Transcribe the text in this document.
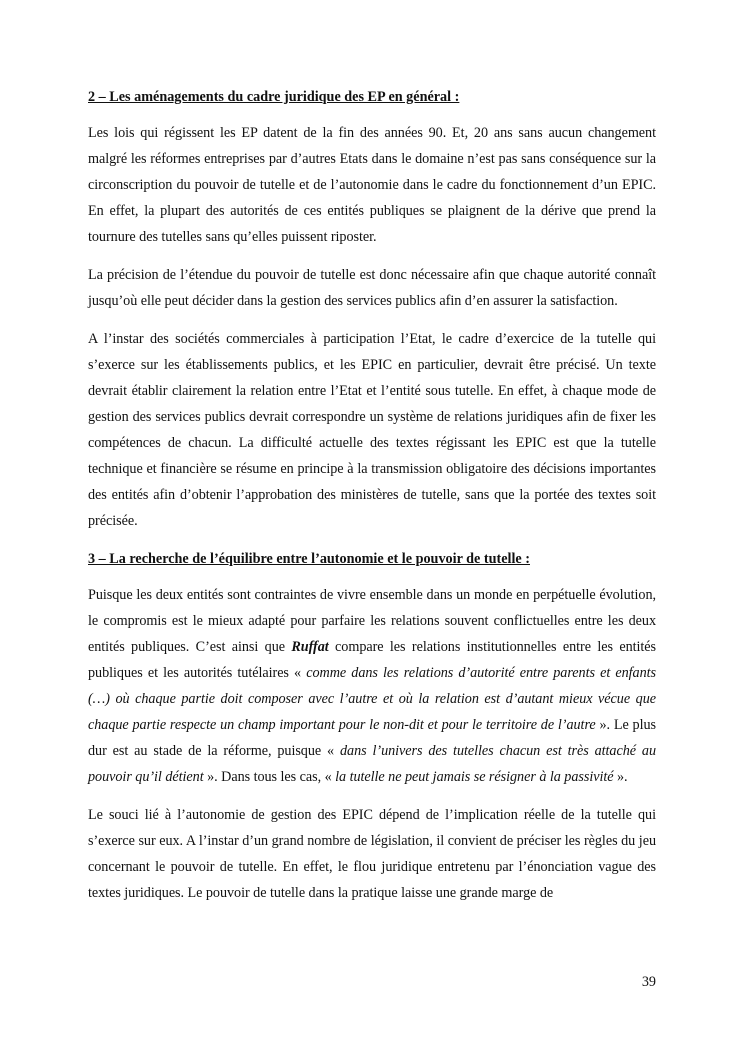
2 – Les aménagements du cadre juridique des EP en général :

Les lois qui régissent les EP datent de la fin des années 90. Et, 20 ans sans aucun changement malgré les réformes entreprises par d’autres Etats dans le domaine n’est pas sans conséquence sur la circonscription du pouvoir de tutelle et de l’autonomie dans le cadre du fonctionnement d’un EPIC. En effet, la plupart des autorités de ces entités publiques se plaignent de la dérive que prend la tournure des tutelles sans qu’elles puissent riposter.

La précision de l’étendue du pouvoir de tutelle est donc nécessaire afin que chaque autorité connaît jusqu’où elle peut décider dans la gestion des services publics afin d’en assurer la satisfaction.

A l’instar des sociétés commerciales à participation l’Etat, le cadre d’exercice de la tutelle qui s’exerce sur les établissements publics, et les EPIC en particulier, devrait être précisé. Un texte devrait établir clairement la relation entre l’Etat et l’entité sous tutelle. En effet, à chaque mode de gestion des services publics devrait correspondre un système de relations juridiques afin de fixer les compétences de chacun. La difficulté actuelle des textes régissant les EPIC est que la tutelle technique et financière se résume en principe à la transmission obligatoire des décisions importantes des entités afin d’obtenir l’approbation des ministères de tutelle, sans que la portée des textes soit précisée.

3 – La recherche de l’équilibre entre l’autonomie et le pouvoir de tutelle :

Puisque les deux entités sont contraintes de vivre ensemble dans un monde en perpétuelle évolution, le compromis est le mieux adapté pour parfaire les relations souvent conflictuelles entre les deux entités publiques. C’est ainsi que Ruffat compare les relations institutionnelles entre les entités publiques et les autorités tutélaires « comme dans les relations d’autorité entre parents et enfants (…) où chaque partie doit composer avec l’autre et où la relation est d’autant mieux vécue que chaque partie respecte un champ important pour le non-dit et pour le territoire de l’autre ». Le plus dur est au stade de la réforme, puisque « dans l’univers des tutelles chacun est très attaché au pouvoir qu’il détient ». Dans tous les cas, « la tutelle ne peut jamais se résigner à la passivité ».

Le souci lié à l’autonomie de gestion des EPIC dépend de l’implication réelle de la tutelle qui s’exerce sur eux. A l’instar d’un grand nombre de législation, il convient de préciser les règles du jeu concernant le pouvoir de tutelle. En effet, le flou juridique entretenu par l’énonciation vague des textes juridiques. Le pouvoir de tutelle dans la pratique laisse une grande marge de

39
